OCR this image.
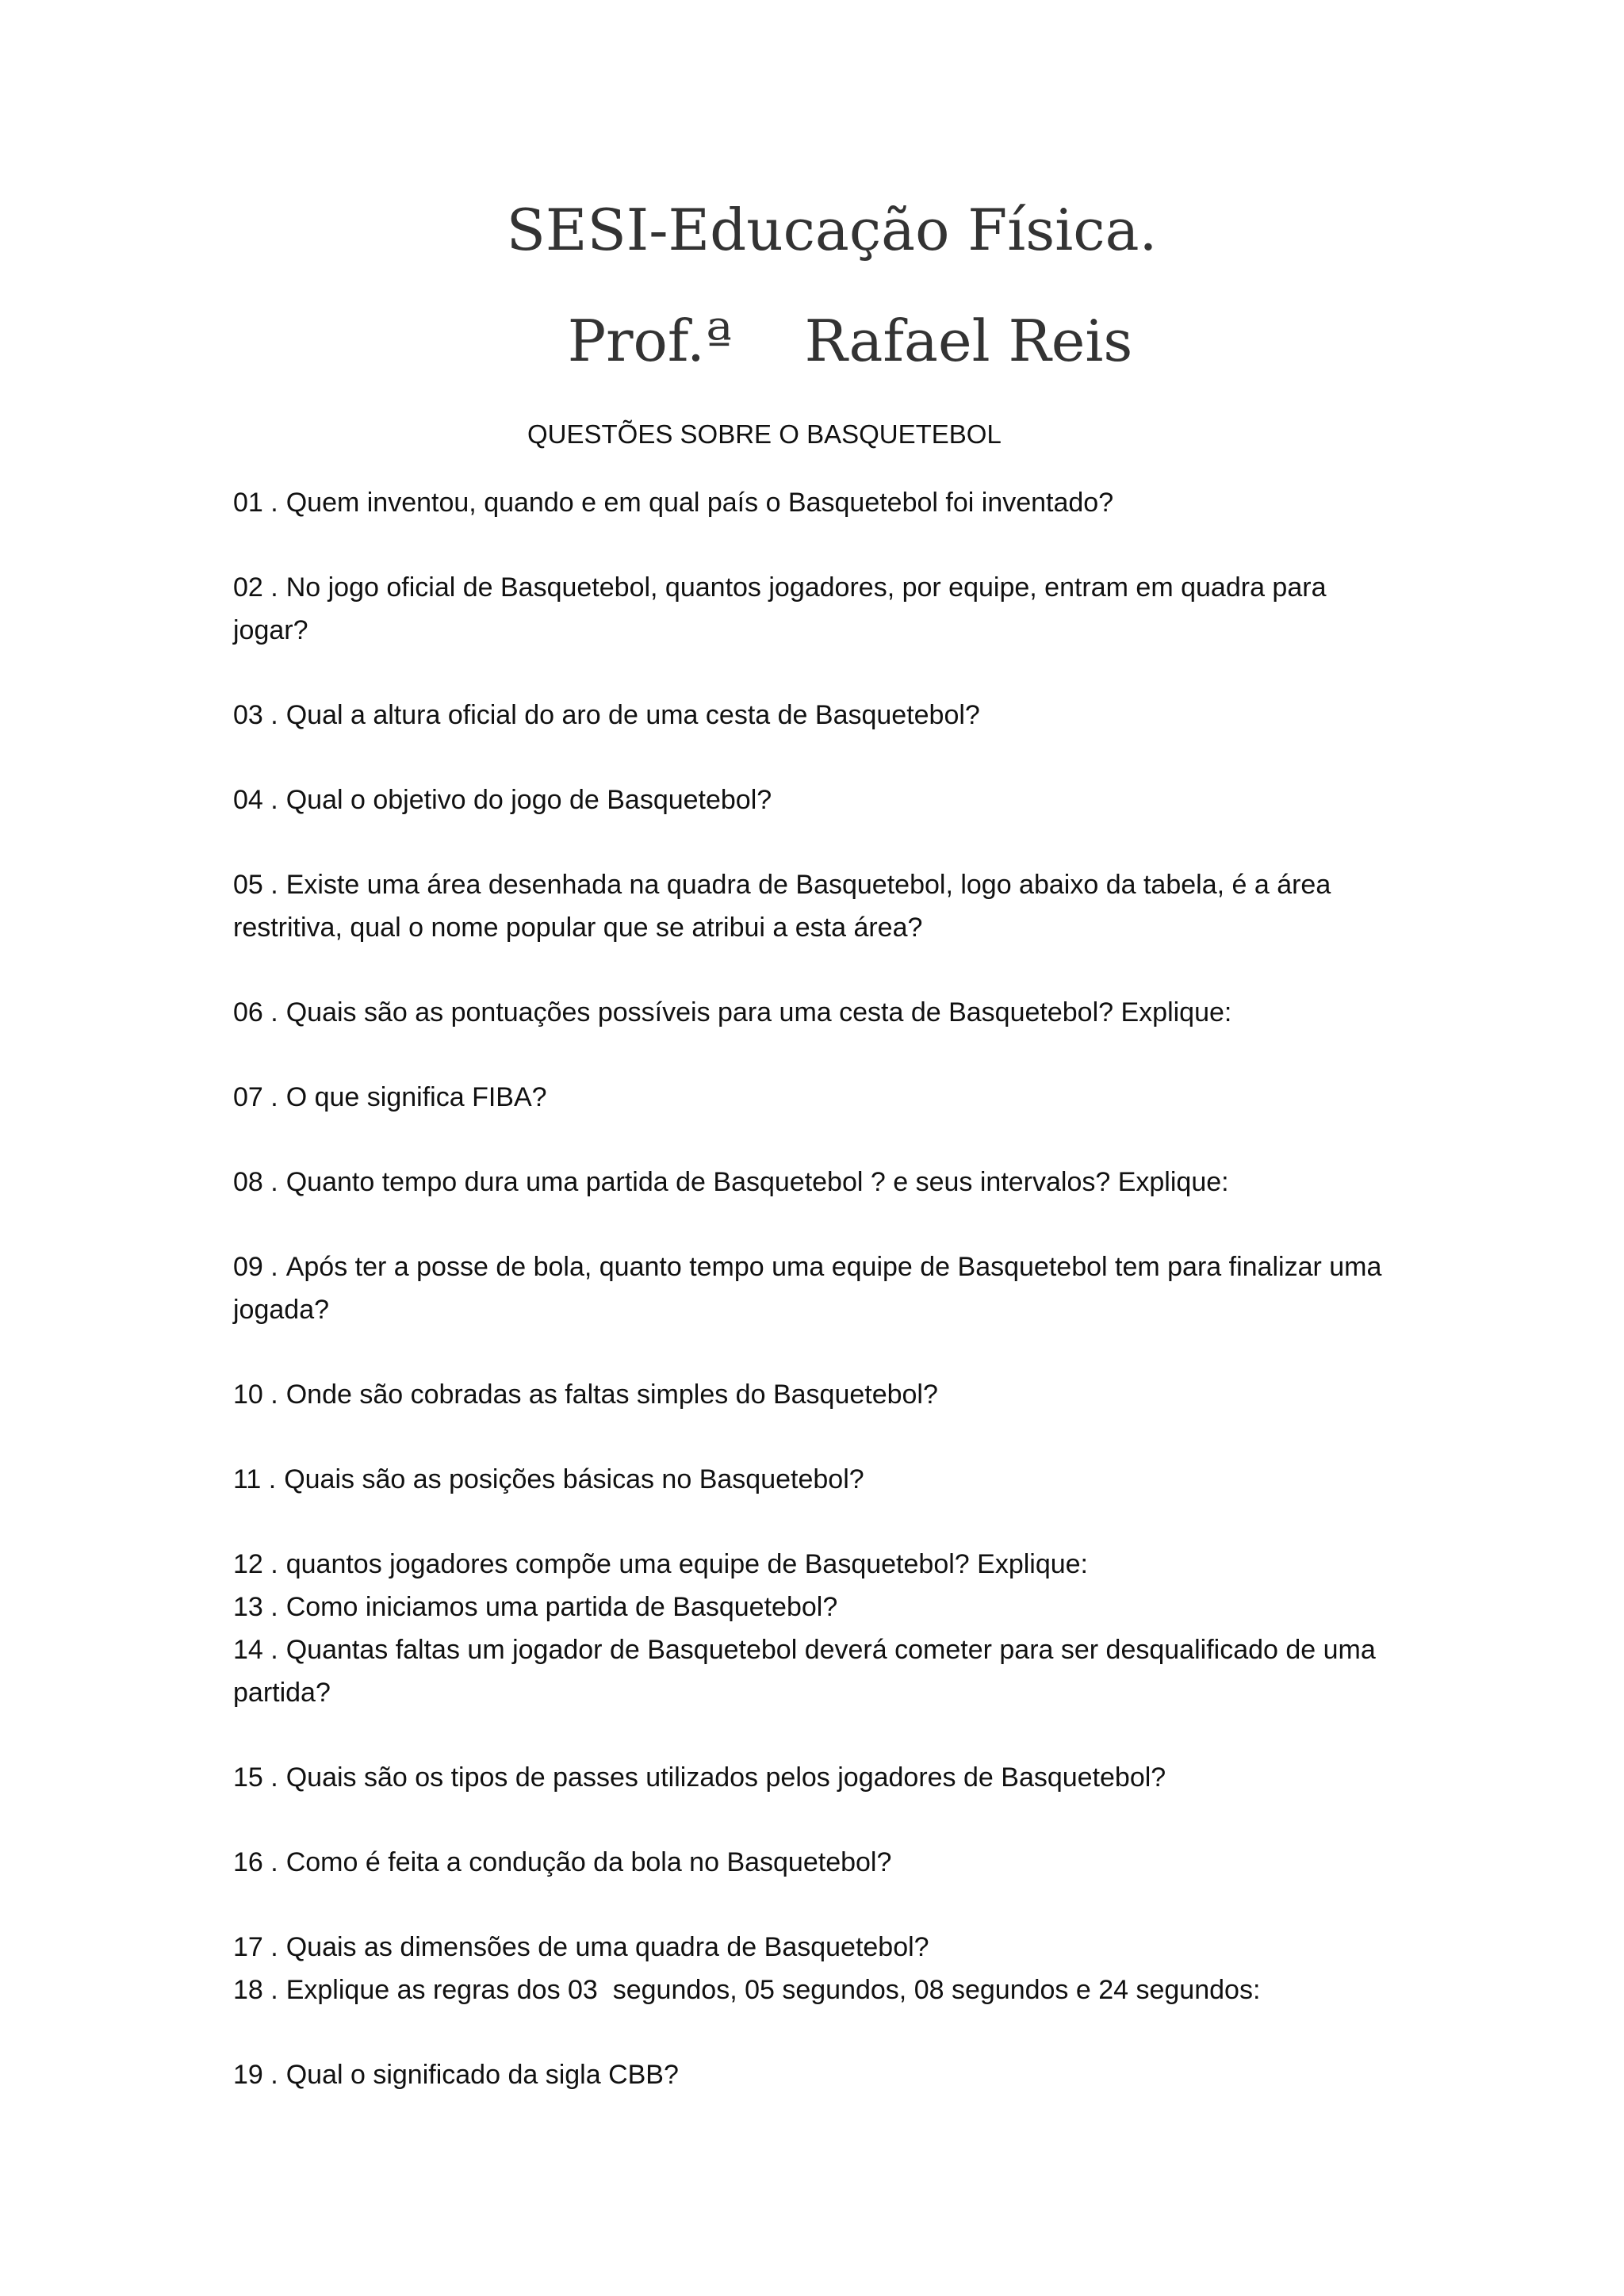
SESI-Educação Física.
Prof.ª    Rafael Reis
QUESTÕES SOBRE O BASQUETEBOL
01 . Quem inventou, quando e em qual país o Basquetebol foi inventado?
02 . No jogo oficial de Basquetebol, quantos jogadores, por equipe, entram em quadra para jogar?
03 . Qual a altura oficial do aro de uma cesta de Basquetebol?
04 . Qual o objetivo do jogo de Basquetebol?
05 . Existe uma área desenhada na quadra de Basquetebol, logo abaixo da tabela, é a área restritiva, qual o nome popular que se atribui a esta área?
06 . Quais são as pontuações possíveis para uma cesta de Basquetebol? Explique:
07 . O que significa FIBA?
08 . Quanto tempo dura uma partida de Basquetebol ? e seus intervalos? Explique:
09 . Após ter a posse de bola, quanto tempo uma equipe de Basquetebol tem para finalizar uma jogada?
10 . Onde são cobradas as faltas simples do Basquetebol?
11 . Quais são as posições básicas no Basquetebol?
12 . quantos jogadores compõe uma equipe de Basquetebol? Explique:
13 . Como iniciamos uma partida de Basquetebol?
14 . Quantas faltas um jogador de Basquetebol deverá cometer para ser desqualificado de uma partida?
15 . Quais são os tipos de passes utilizados pelos jogadores de Basquetebol?
16 . Como é feita a condução da bola no Basquetebol?
17 . Quais as dimensões de uma quadra de Basquetebol?
18 . Explique as regras dos 03  segundos, 05 segundos, 08 segundos e 24 segundos:
19 . Qual o significado da sigla CBB?
